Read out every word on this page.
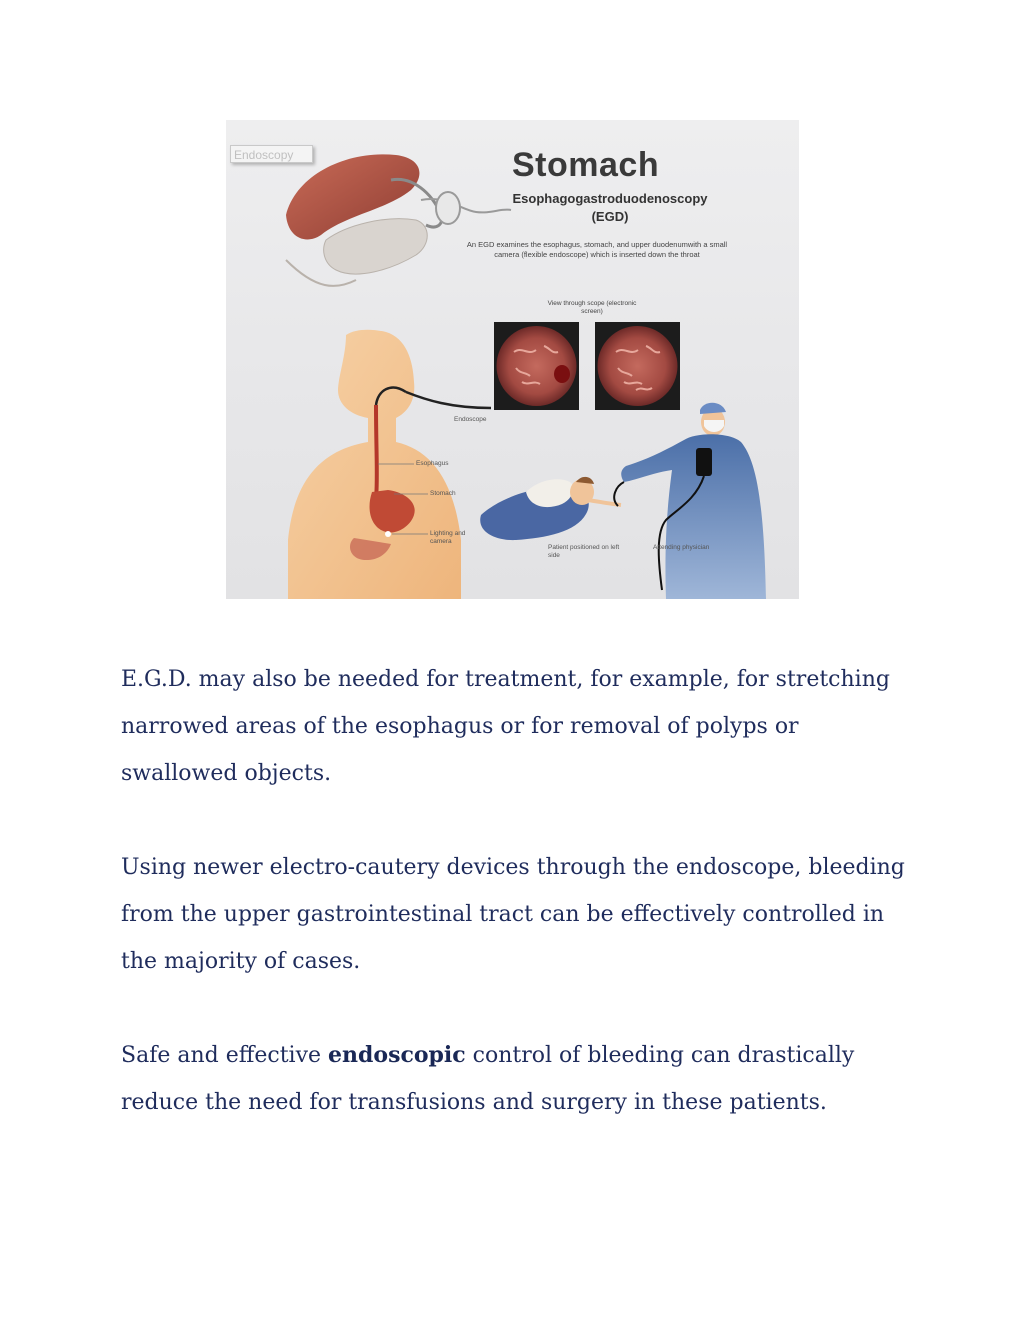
Endoscopy	Stomach
Esophagogastroduodenoscopy
(EGD)
An EGD examines the esophagus, stomach, and upper duodenumwith a small camera (flexible endoscope) which is inserted down the throat
View through scope (electronic screen)
Endoscope
Esophagus
Stomach
Lighting and camera
Patient positioned on left side
Attending physician

E.G.D. may also be needed for treatment, for example, for stretching narrowed areas of the esophagus or for removal of polyps or swallowed objects.

Using newer electro-cautery devices through the endoscope, bleeding from the upper gastrointestinal tract can be effectively controlled in the majority of cases.

Safe and effective endoscopic control of bleeding can drastically reduce the need for transfusions and surgery in these patients.
